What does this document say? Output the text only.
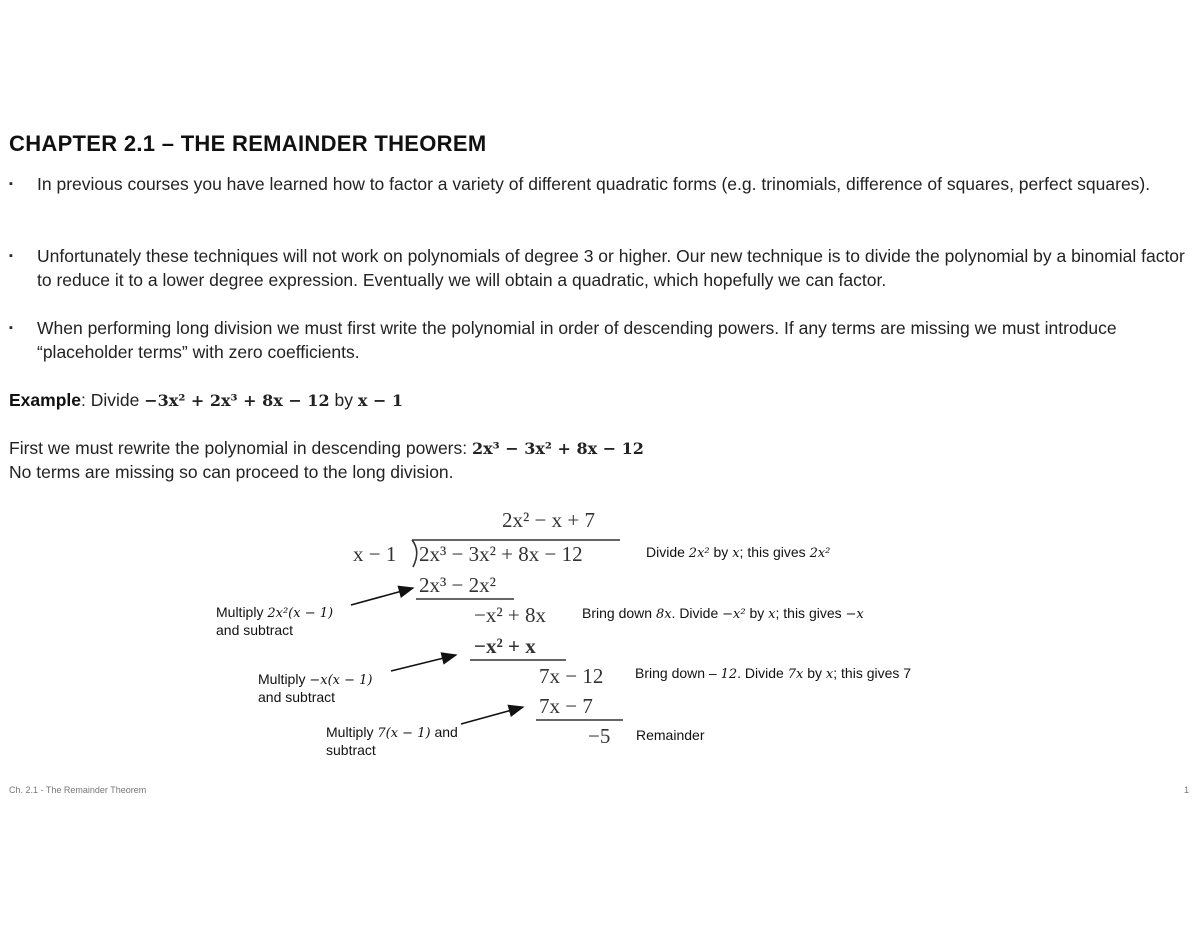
CHAPTER 2.1 – THE REMAINDER THEOREM
▪ In previous courses you have learned how to factor a variety of different quadratic forms (e.g. trinomials, difference of squares, perfect squares).
▪ Unfortunately these techniques will not work on polynomials of degree 3 or higher. Our new technique is to divide the polynomial by a binomial factor to reduce it to a lower degree expression. Eventually we will obtain a quadratic, which hopefully we can factor.
▪ When performing long division we must first write the polynomial in order of descending powers. If any terms are missing we must introduce “placeholder terms” with zero coefficients.
Example: Divide −3x² + 2x³ + 8x − 12 by x − 1
First we must rewrite the polynomial in descending powers: 2x³ − 3x² + 8x − 12
No terms are missing so can proceed to the long division.
2x² − x + 7
x − 1 2x³ − 3x² + 8x − 12
2x³ − 2x²
−x² + 8x
−x² + x
7x − 12
7x − 7
−5
Divide 2x² by x; this gives 2x²
Bring down 8x. Divide −x² by x; this gives −x
Bring down – 12. Divide 7x by x; this gives 7
Remainder
Multiply 2x²(x − 1)
and subtract
Multiply −x(x − 1)
and subtract
Multiply 7(x − 1) and
subtract
Ch. 2.1 - The Remainder Theorem	1
